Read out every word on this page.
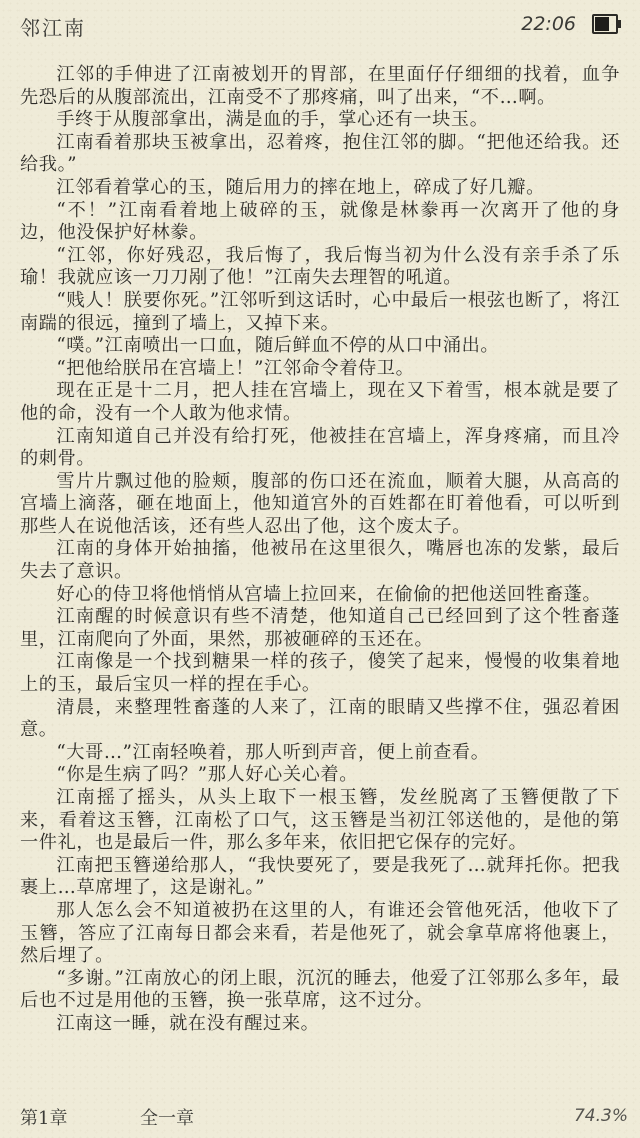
邻江南	22:06

江邻的手伸进了江南被划开的胃部，在里面仔仔细细的找着，血争先恐后的从腹部流出，江南受不了那疼痛，叫了出来，“不…啊。

手终于从腹部拿出，满是血的手，掌心还有一块玉。

江南看着那块玉被拿出，忍着疼，抱住江邻的脚。“把他还给我。还给我。”

江邻看着掌心的玉，随后用力的摔在地上，碎成了好几瓣。

“不！”江南看着地上破碎的玉，就像是林豢再一次离开了他的身边，他没保护好林豢。

“江邻，你好残忍，我后悔了，我后悔当初为什么没有亲手杀了乐瑜！我就应该一刀刀剐了他！”江南失去理智的吼道。

“贱人！朕要你死。”江邻听到这话时，心中最后一根弦也断了，将江南踹的很远，撞到了墙上，又掉下来。

“噗。”江南喷出一口血，随后鲜血不停的从口中涌出。

“把他给朕吊在宫墙上！”江邻命令着侍卫。

现在正是十二月，把人挂在宫墙上，现在又下着雪，根本就是要了他的命，没有一个人敢为他求情。

江南知道自己并没有给打死，他被挂在宫墙上，浑身疼痛，而且冷的刺骨。

雪片片飘过他的脸颊，腹部的伤口还在流血，顺着大腿，从高高的宫墙上滴落，砸在地面上，他知道宫外的百姓都在盯着他看，可以听到那些人在说他活该，还有些人忍出了他，这个废太子。

江南的身体开始抽搐，他被吊在这里很久，嘴唇也冻的发紫，最后失去了意识。

好心的侍卫将他悄悄从宫墙上拉回来，在偷偷的把他送回牲畜蓬。

江南醒的时候意识有些不清楚，他知道自己已经回到了这个牲畜蓬里，江南爬向了外面，果然，那被砸碎的玉还在。

江南像是一个找到糖果一样的孩子，傻笑了起来，慢慢的收集着地上的玉，最后宝贝一样的捏在手心。

清晨，来整理牲畜蓬的人来了，江南的眼睛又些撑不住，强忍着困意。

“大哥…”江南轻唤着，那人听到声音，便上前查看。

“你是生病了吗？”那人好心关心着。

江南摇了摇头，从头上取下一根玉簪，发丝脱离了玉簪便散了下来，看着这玉簪，江南松了口气，这玉簪是当初江邻送他的，是他的第一件礼，也是最后一件，那么多年来，依旧把它保存的完好。

江南把玉簪递给那人，“我快要死了，要是我死了…就拜托你。把我裹上…草席埋了，这是谢礼。”

那人怎么会不知道被扔在这里的人，有谁还会管他死活，他收下了玉簪，答应了江南每日都会来看，若是他死了，就会拿草席将他裹上，然后埋了。

“多谢。”江南放心的闭上眼，沉沉的睡去，他爱了江邻那么多年，最后也不过是用他的玉簪，换一张草席，这不过分。

江南这一睡，就在没有醒过来。

第1章	全一章	74.3%
